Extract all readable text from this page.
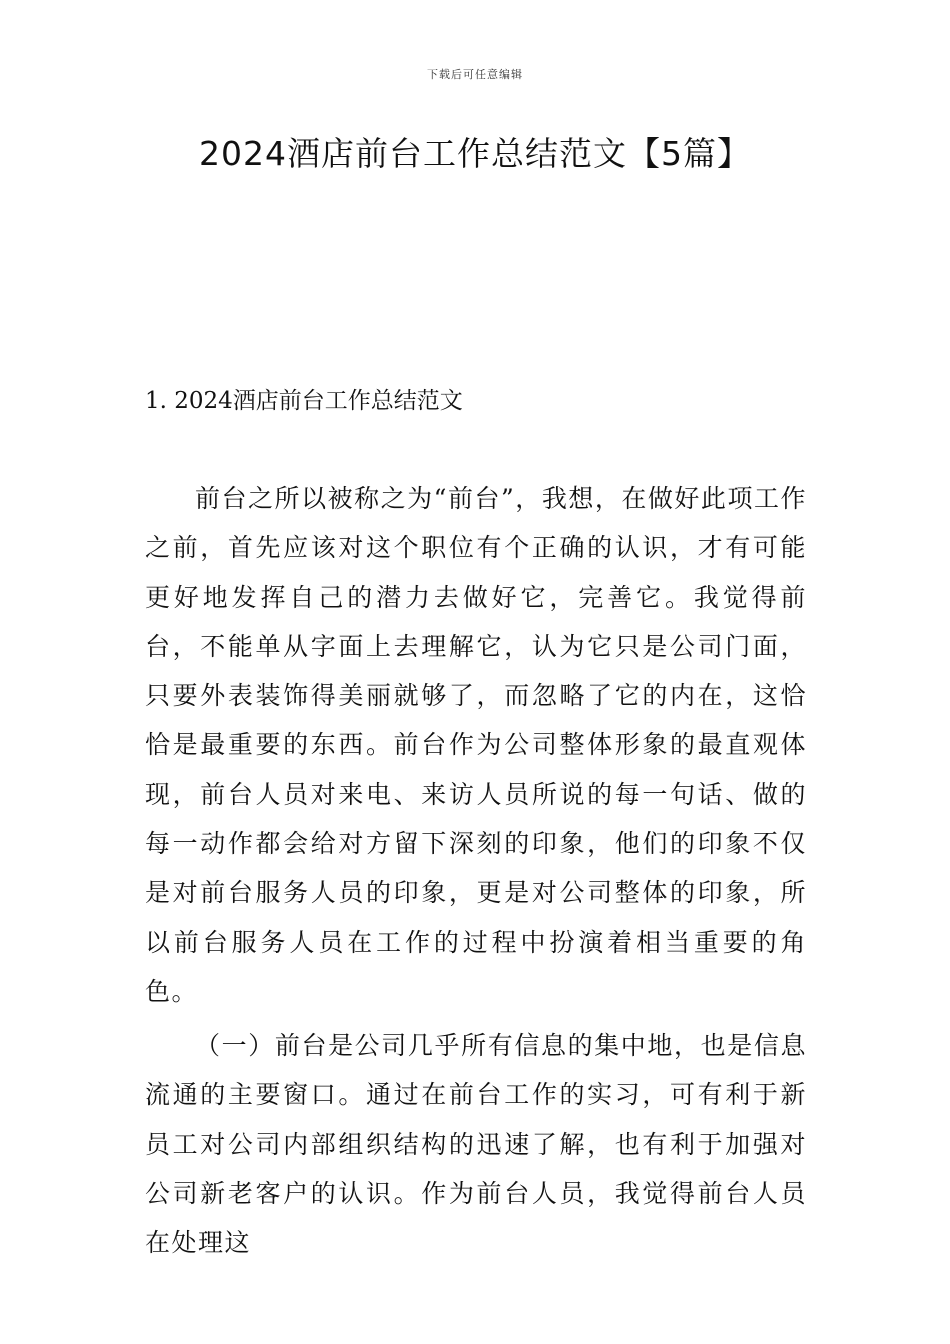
下载后可任意编辑
2024酒店前台工作总结范文【5篇】
1. 2024酒店前台工作总结范文

前台之所以被称之为“前台”，我想，在做好此项工作之前，首先应该对这个职位有个正确的认识，才有可能更好地发挥自己的潜力去做好它，完善它。我觉得前台，不能单从字面上去理解它，认为它只是公司门面，只要外表装饰得美丽就够了，而忽略了它的内在，这恰恰是最重要的东西。前台作为公司整体形象的最直观体现，前台人员对来电、来访人员所说的每一句话、做的每一动作都会给对方留下深刻的印象，他们的印象不仅是对前台服务人员的印象，更是对公司整体的印象，所以前台服务人员在工作的过程中扮演着相当重要的角色。

（一）前台是公司几乎所有信息的集中地，也是信息流通的主要窗口。通过在前台工作的实习，可有利于新员工对公司内部组织结构的迅速了解，也有利于加强对公司新老客户的认识。作为前台人员，我觉得前台人员在处理这
